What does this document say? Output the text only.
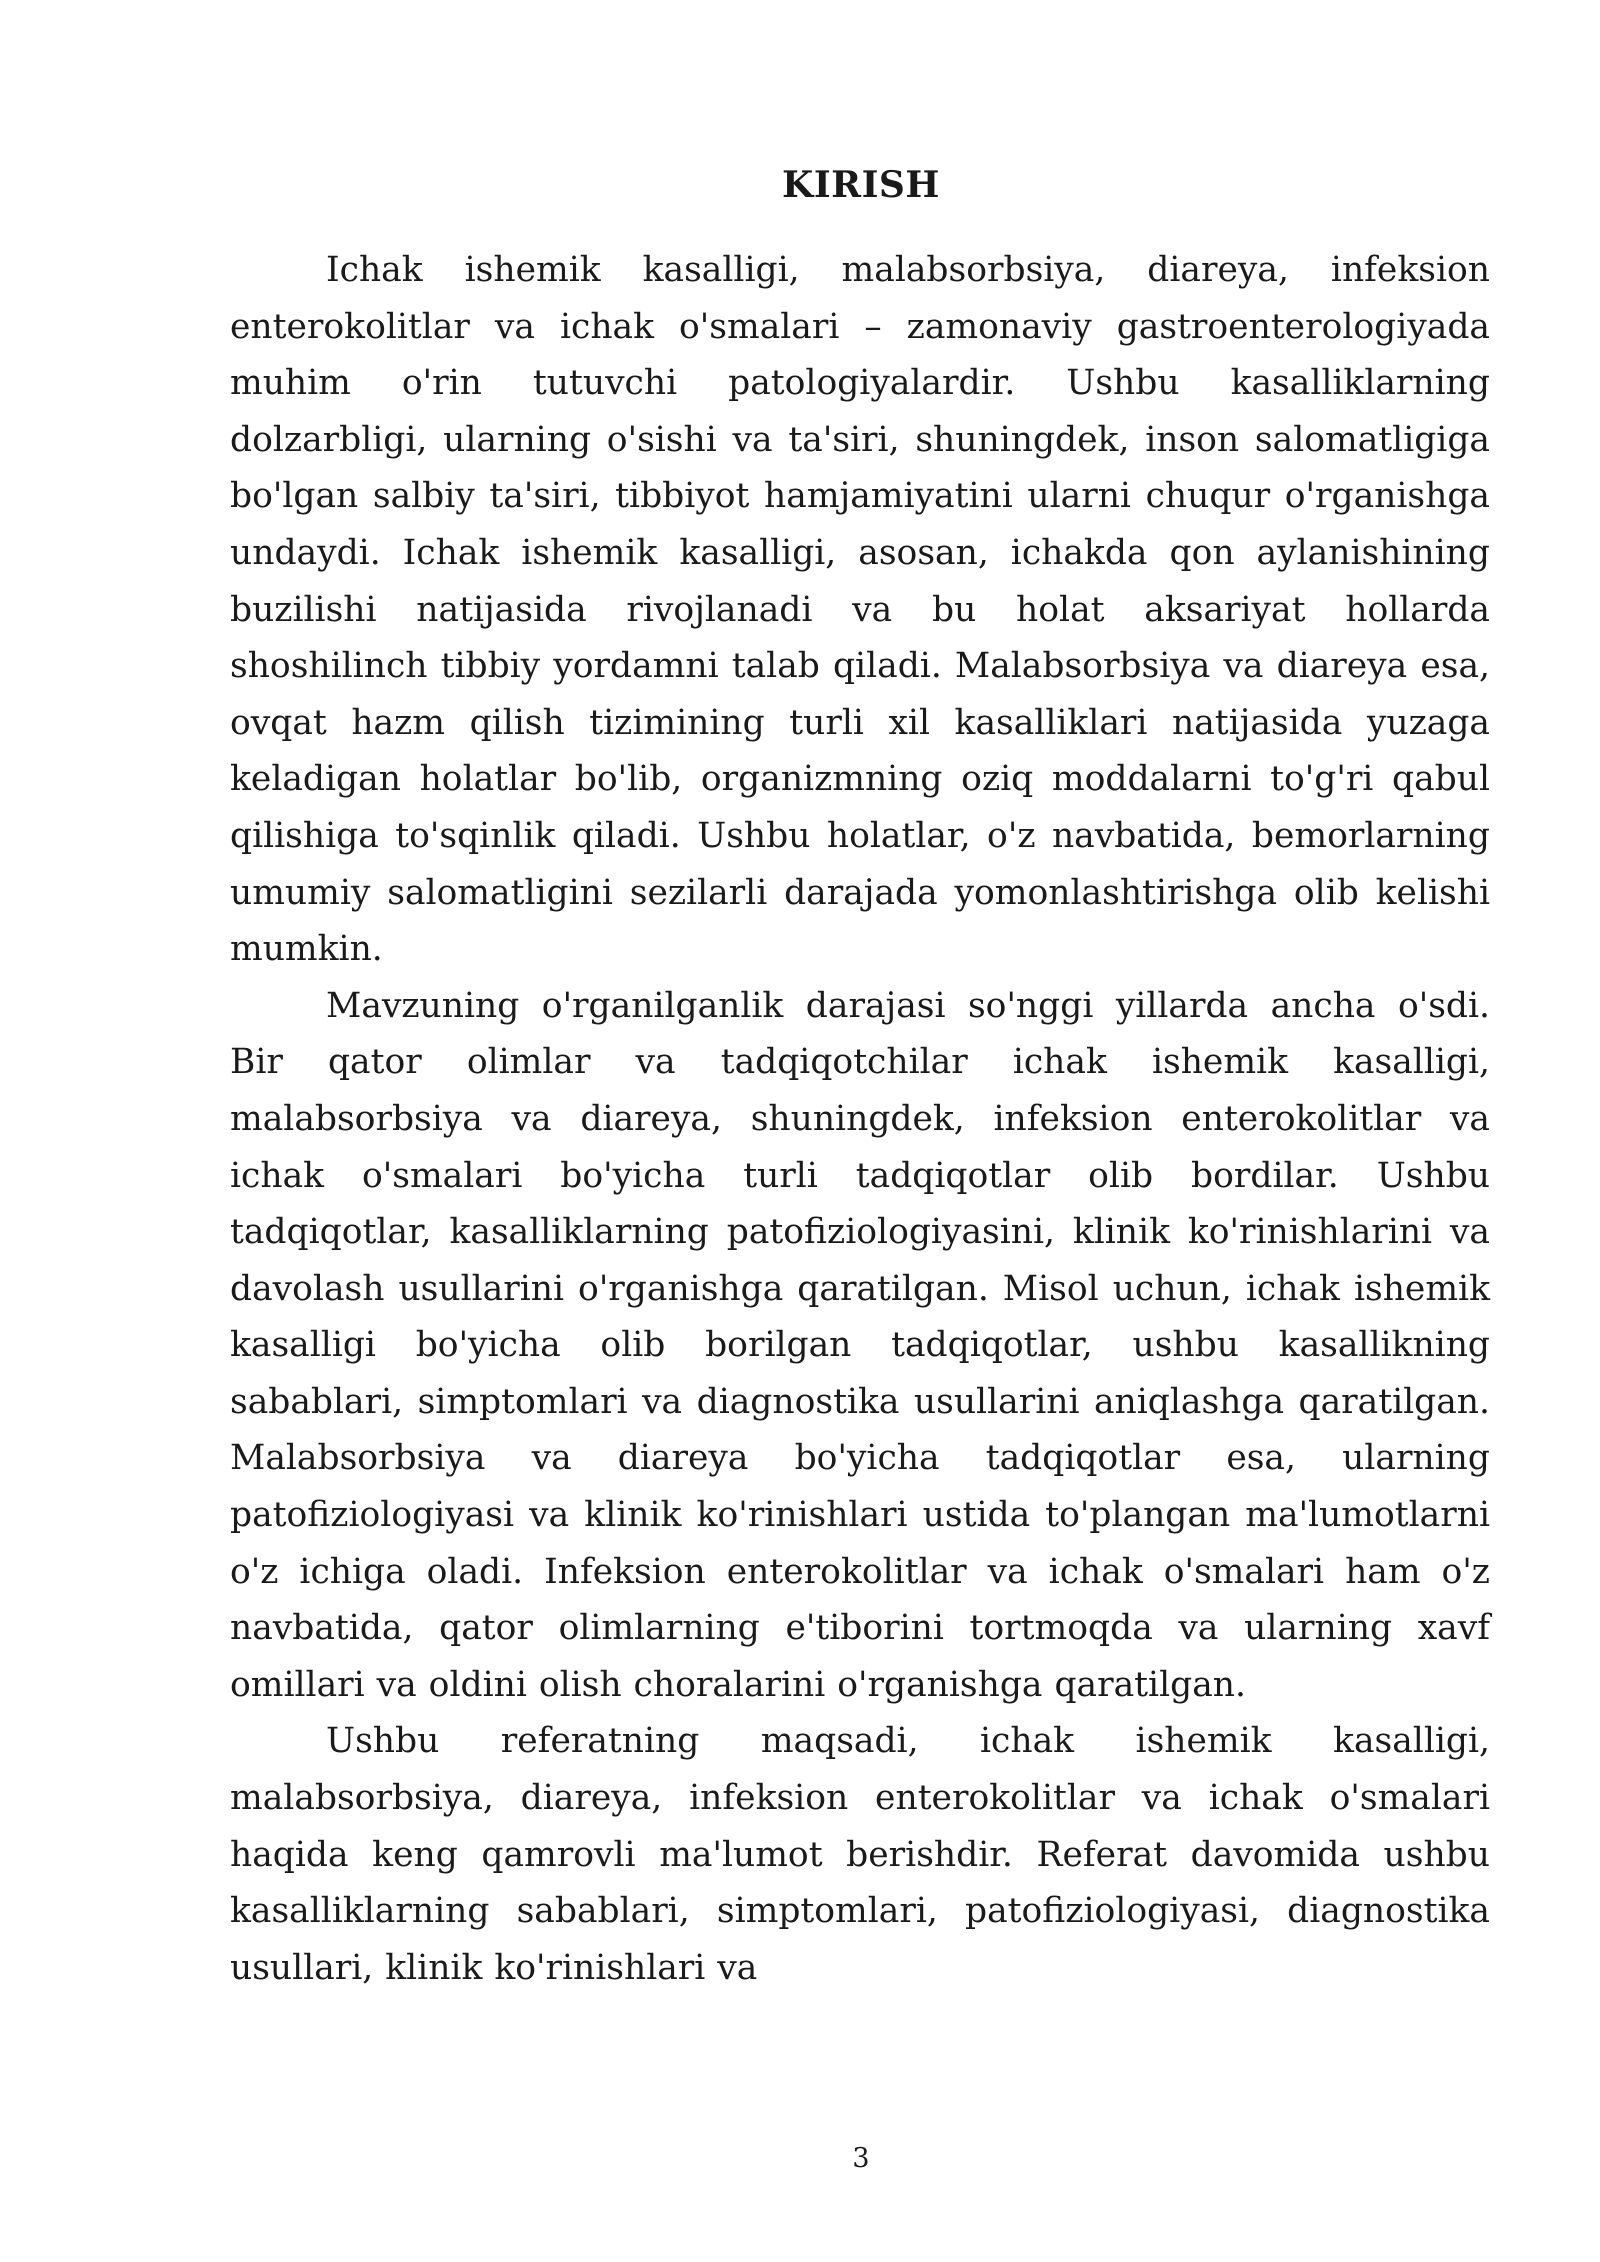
KIRISH

Ichak ishemik kasalligi, malabsorbsiya, diareya, infeksion enterokolitlar va ichak o'smalari – zamonaviy gastroenterologiyada muhim o'rin tutuvchi patologiyalardir. Ushbu kasalliklarning dolzarbligi, ularning o'sishi va ta'siri, shuningdek, inson salomatligiga bo'lgan salbiy ta'siri, tibbiyot hamjamiyatini ularni chuqur o'rganishga undaydi. Ichak ishemik kasalligi, asosan, ichakda qon aylanishining buzilishi natijasida rivojlanadi va bu holat aksariyat hollarda shoshilinch tibbiy yordamni talab qiladi. Malabsorbsiya va diareya esa, ovqat hazm qilish tizimining turli xil kasalliklari natijasida yuzaga keladigan holatlar bo'lib, organizmning oziq moddalarni to'g'ri qabul qilishiga to'sqinlik qiladi. Ushbu holatlar, o'z navbatida, bemorlarning umumiy salomatligini sezilarli darajada yomonlashtirishga olib kelishi mumkin.

Mavzuning o'rganilganlik darajasi so'nggi yillarda ancha o'sdi. Bir qator olimlar va tadqiqotchilar ichak ishemik kasalligi, malabsorbsiya va diareya, shuningdek, infeksion enterokolitlar va ichak o'smalari bo'yicha turli tadqiqotlar olib bordilar. Ushbu tadqiqotlar, kasalliklarning patofiziologiyasini, klinik ko'rinishlarini va davolash usullarini o'rganishga qaratilgan. Misol uchun, ichak ishemik kasalligi bo'yicha olib borilgan tadqiqotlar, ushbu kasallikning sabablari, simptomlari va diagnostika usullarini aniqlashga qaratilgan. Malabsorbsiya va diareya bo'yicha tadqiqotlar esa, ularning patofiziologiyasi va klinik ko'rinishlari ustida to'plangan ma'lumotlarni o'z ichiga oladi. Infeksion enterokolitlar va ichak o'smalari ham o'z navbatida, qator olimlarning e'tiborini tortmoqda va ularning xavf omillari va oldini olish choralarini o'rganishga qaratilgan.

Ushbu referatning maqsadi, ichak ishemik kasalligi, malabsorbsiya, diareya, infeksion enterokolitlar va ichak o'smalari haqida keng qamrovli ma'lumot berishdir. Referat davomida ushbu kasalliklarning sabablari, simptomlari, patofiziologiyasi, diagnostika usullari, klinik ko'rinishlari va

3
